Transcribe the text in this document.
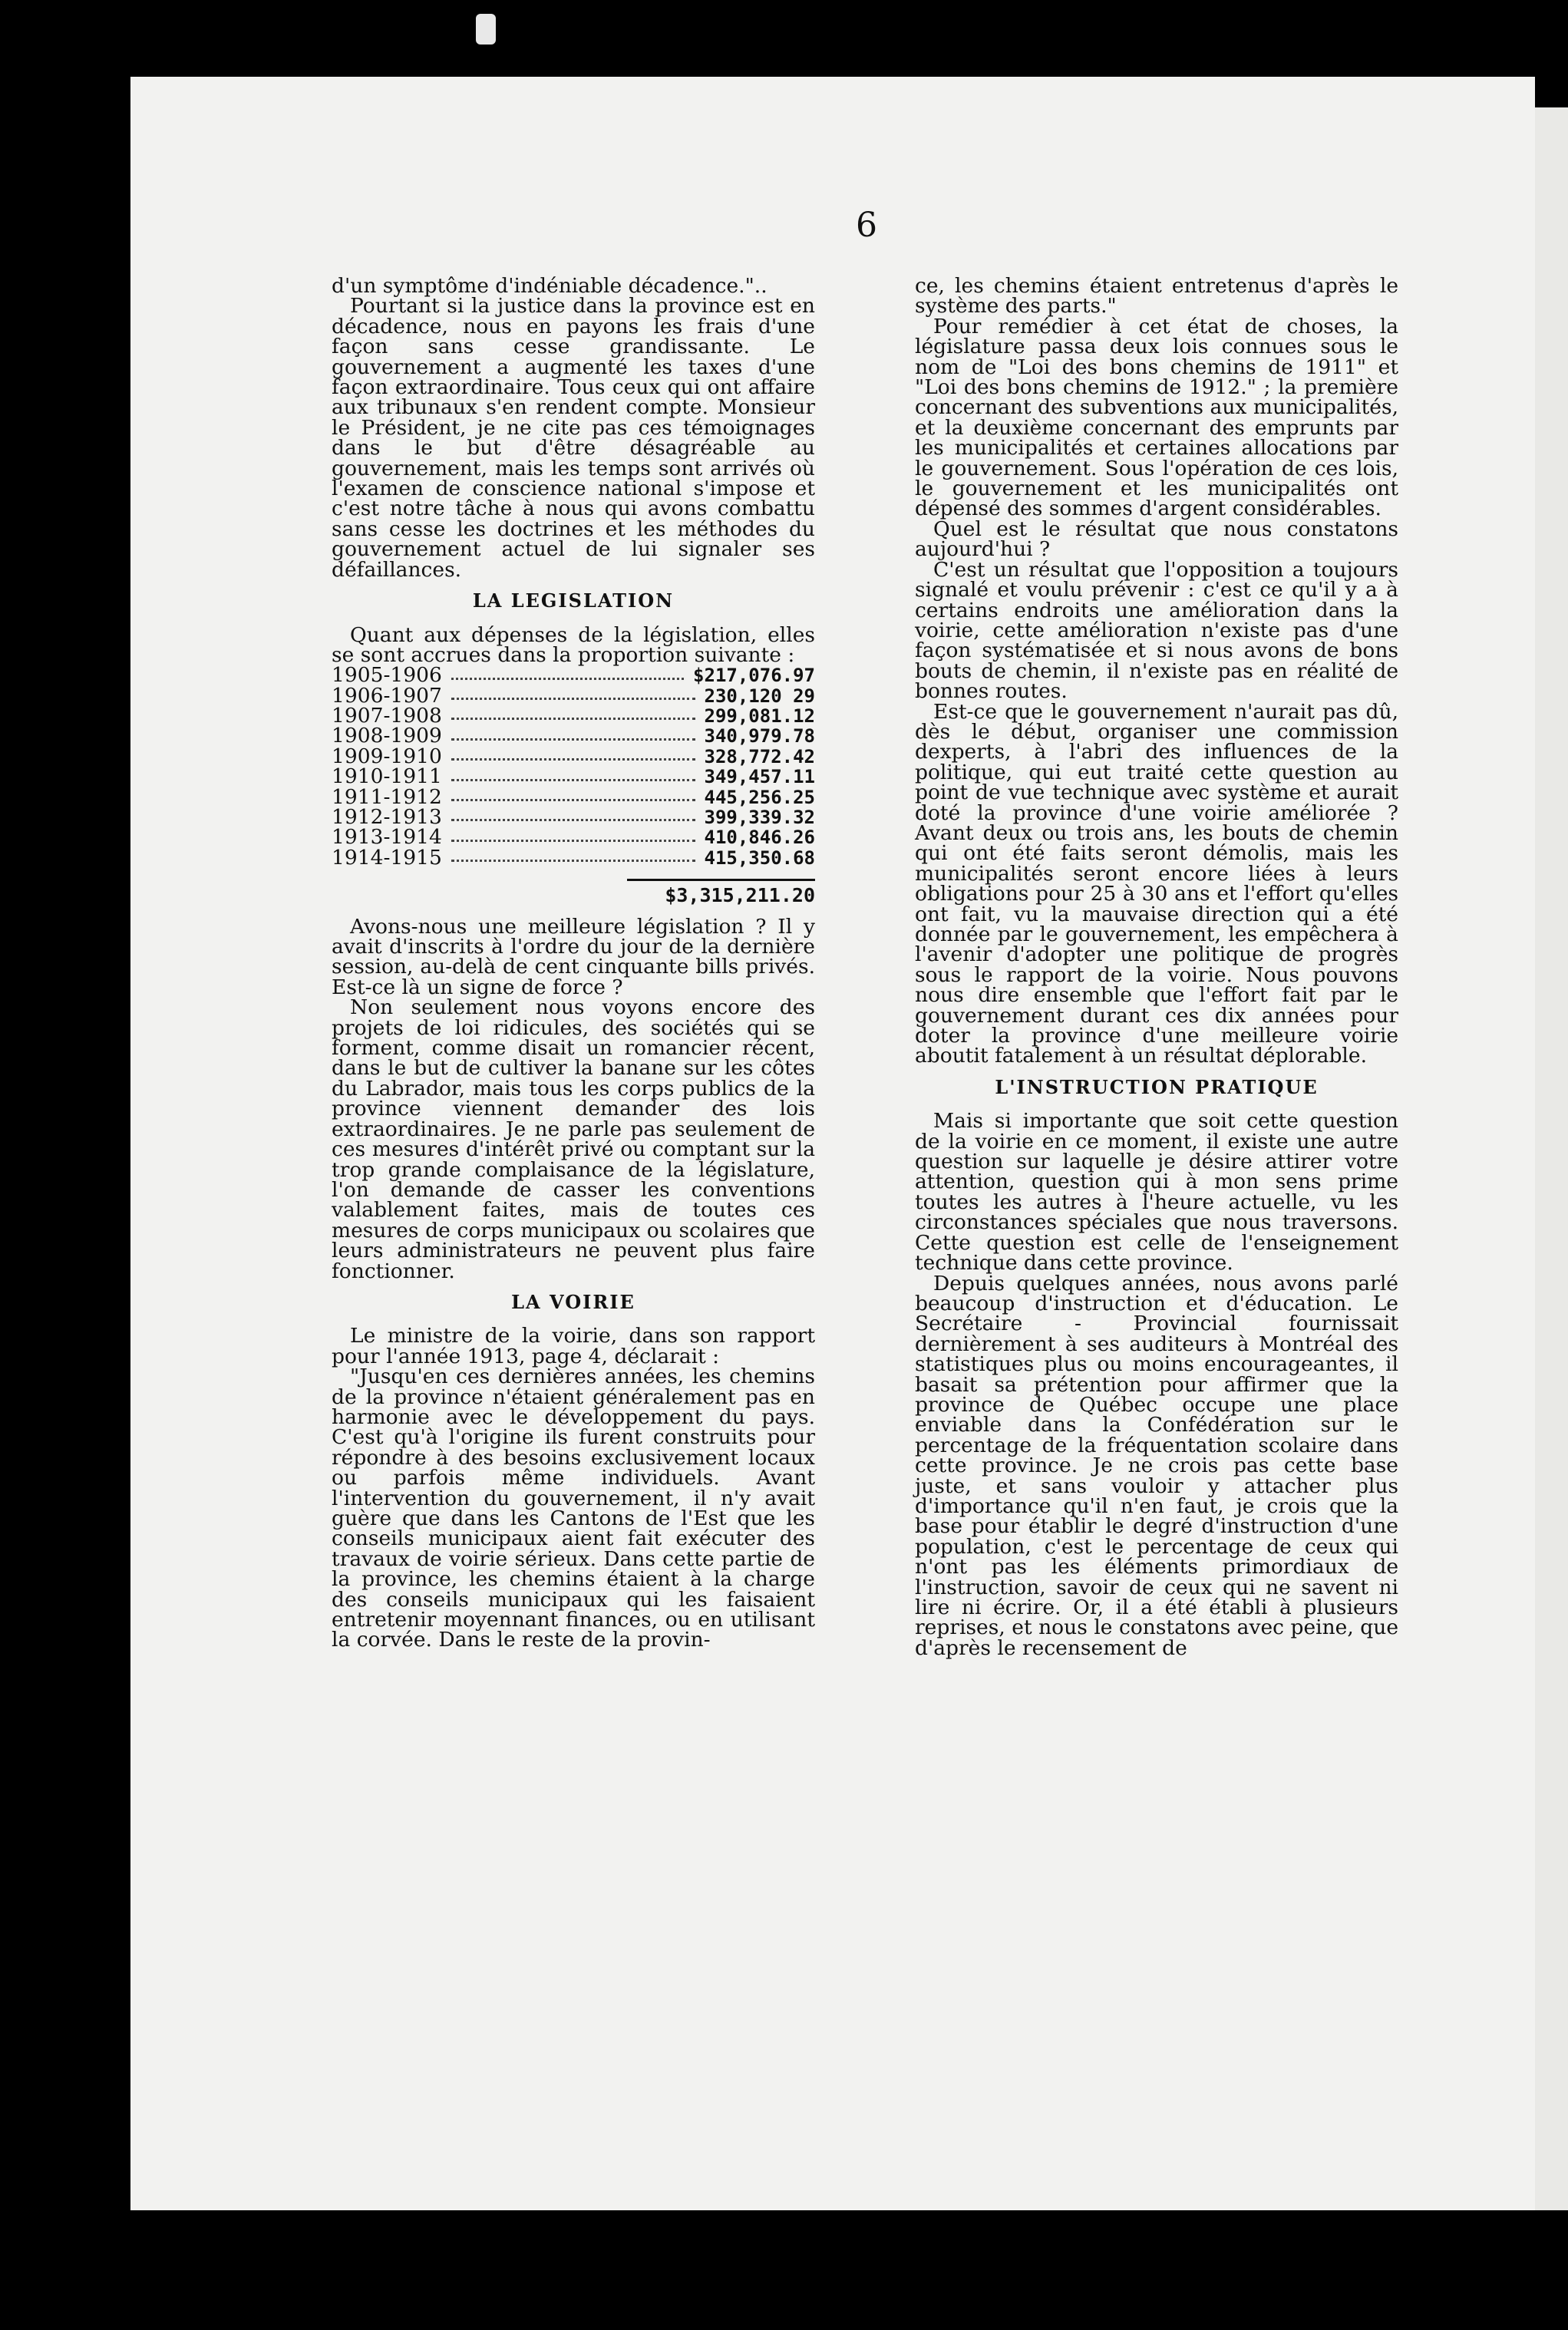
6

d'un symptôme d'indéniable décadence."..

Pourtant si la justice dans la province est en décadence, nous en payons les frais d'une façon sans cesse grandissante. Le gouvernement a augmenté les taxes d'une façon extraordinaire. Tous ceux qui ont affaire aux tribunaux s'en rendent compte. Monsieur le Président, je ne cite pas ces témoignages dans le but d'être désagréable au gouvernement, mais les temps sont arrivés où l'examen de conscience national s'impose et c'est notre tâche à nous qui avons combattu sans cesse les doctrines et les méthodes du gouvernement actuel de lui signaler ses défaillances.

LA LEGISLATION

Quant aux dépenses de la législation, elles se sont accrues dans la proportion suivante :

1905-1906	$217,076.97
1906-1907	230,120 29
1907-1908	299,081.12
1908-1909	340,979.78
1909-1910	328,772.42
1910-1911	349,457.11
1911-1912	445,256.25
1912-1913	399,339.32
1913-1914	410,846.26
1914-1915	415,350.68
$3,315,211.20

Avons-nous une meilleure législation ? Il y avait d'inscrits à l'ordre du jour de la dernière session, au-delà de cent cinquante bills privés. Est-ce là un signe de force ?

Non seulement nous voyons encore des projets de loi ridicules, des sociétés qui se forment, comme disait un romancier récent, dans le but de cultiver la banane sur les côtes du Labrador, mais tous les corps publics de la province viennent demander des lois extraordinaires. Je ne parle pas seulement de ces mesures d'intérêt privé ou comptant sur la trop grande complaisance de la législature, l'on demande de casser les conventions valablement faites, mais de toutes ces mesures de corps municipaux ou scolaires que leurs administrateurs ne peuvent plus faire fonctionner.

LA VOIRIE

Le ministre de la voirie, dans son rapport pour l'année 1913, page 4, déclarait :

"Jusqu'en ces dernières années, les chemins de la province n'étaient généralement pas en harmonie avec le développement du pays. C'est qu'à l'origine ils furent construits pour répondre à des besoins exclusivement locaux ou parfois même individuels. Avant l'intervention du gouvernement, il n'y avait guère que dans les Cantons de l'Est que les conseils municipaux aient fait exécuter des travaux de voirie sérieux. Dans cette partie de la province, les chemins étaient à la charge des conseils municipaux qui les faisaient entretenir moyennant finances, ou en utilisant la corvée. Dans le reste de la provin-

ce, les chemins étaient entretenus d'après le système des parts."

Pour remédier à cet état de choses, la législature passa deux lois connues sous le nom de "Loi des bons chemins de 1911" et "Loi des bons chemins de 1912." ; la première concernant des subventions aux municipalités, et la deuxième concernant des emprunts par les municipalités et certaines allocations par le gouvernement. Sous l'opération de ces lois, le gouvernement et les municipalités ont dépensé des sommes d'argent considérables.

Quel est le résultat que nous constatons aujourd'hui ?

C'est un résultat que l'opposition a toujours signalé et voulu prévenir : c'est ce qu'il y a à certains endroits une amélioration dans la voirie, cette amélioration n'existe pas d'une façon systématisée et si nous avons de bons bouts de chemin, il n'existe pas en réalité de bonnes routes.

Est-ce que le gouvernement n'aurait pas dû, dès le début, organiser une commission dexperts, à l'abri des influences de la politique, qui eut traité cette question au point de vue technique avec système et aurait doté la province d'une voirie améliorée ? Avant deux ou trois ans, les bouts de chemin qui ont été faits seront démolis, mais les municipalités seront encore liées à leurs obligations pour 25 à 30 ans et l'effort qu'elles ont fait, vu la mauvaise direction qui a été donnée par le gouvernement, les empêchera à l'avenir d'adopter une politique de progrès sous le rapport de la voirie. Nous pouvons nous dire ensemble que l'effort fait par le gouvernement durant ces dix années pour doter la province d'une meilleure voirie aboutit fatalement à un résultat déplorable.

L'INSTRUCTION PRATIQUE

Mais si importante que soit cette question de la voirie en ce moment, il existe une autre question sur laquelle je désire attirer votre attention, question qui à mon sens prime toutes les autres à l'heure actuelle, vu les circonstances spéciales que nous traversons. Cette question est celle de l'enseignement technique dans cette province.

Depuis quelques années, nous avons parlé beaucoup d'instruction et d'éducation. Le Secrétaire - Provincial fournissait dernièrement à ses auditeurs à Montréal des statistiques plus ou moins encourageantes, il basait sa prétention pour affirmer que la province de Québec occupe une place enviable dans la Confédération sur le percentage de la fréquentation scolaire dans cette province. Je ne crois pas cette base juste, et sans vouloir y attacher plus d'importance qu'il n'en faut, je crois que la base pour établir le degré d'instruction d'une population, c'est le percentage de ceux qui n'ont pas les éléments primordiaux de l'instruction, savoir de ceux qui ne savent ni lire ni écrire. Or, il a été établi à plusieurs reprises, et nous le constatons avec peine, que d'après le recensement de
